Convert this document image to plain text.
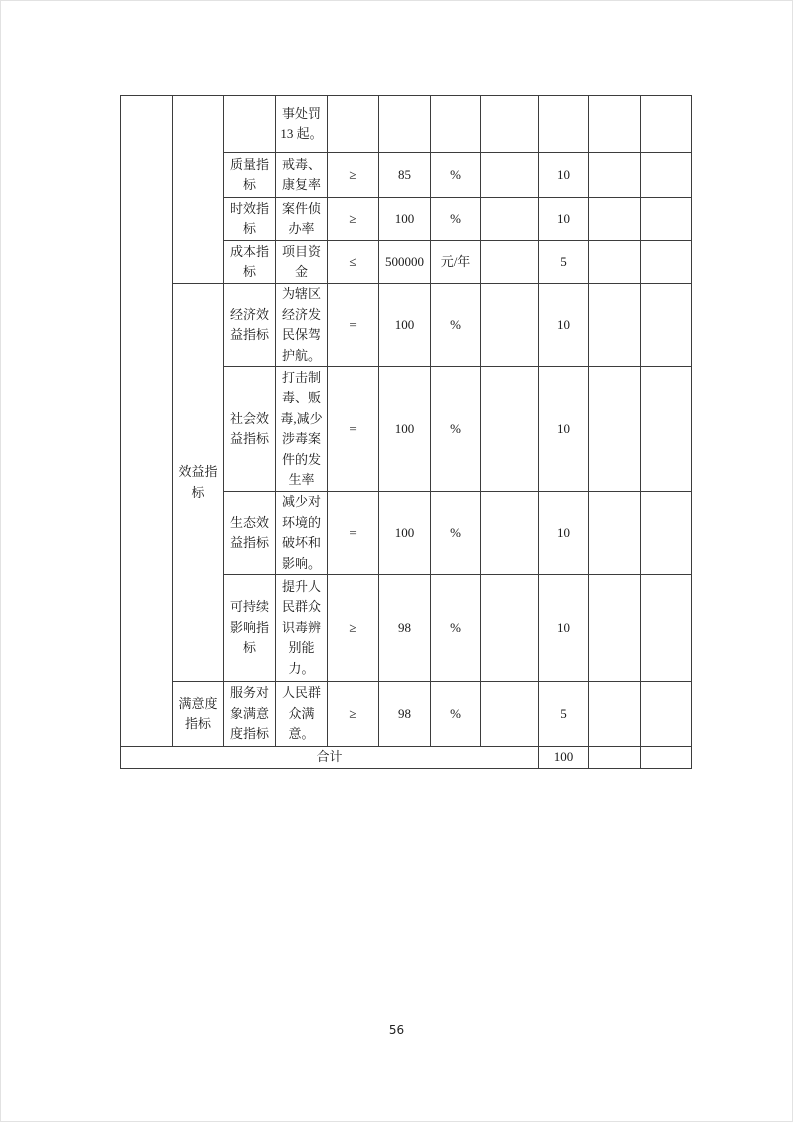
			事处罚 13 起。							
		质量指标	戒毒、康复率	≥	85	%		10		
		时效指标	案件侦办率	≥	100	%		10		
		成本指标	项目资金	≤	500000	元/年		5		
	效益指标	经济效益指标	为辖区经济发民保驾护航。	=	100	%		10		
		社会效益指标	打击制毒、贩毒,减少涉毒案件的发生率	=	100	%		10		
		生态效益指标	减少对环境的破坏和影响。	=	100	%		10		
		可持续影响指标	提升人民群众识毒辨别能力。	≥	98	%		10		
	满意度指标	服务对象满意度指标	人民群众满意。	≥	98	%		5		
合计								100		
56
